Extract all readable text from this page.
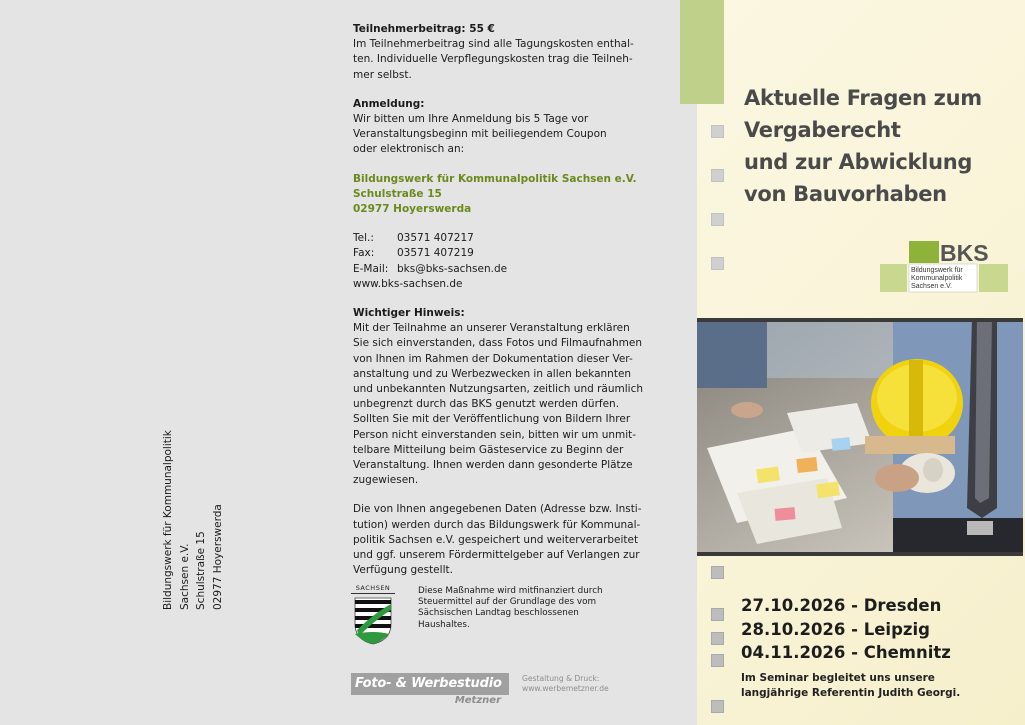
Bildungswerk für Kommunalpolitik Sachsen e.V. Schulstraße 15 02977 Hoyerswerda
Teilnehmerbeitrag: 55 €
Im Teilnehmerbeitrag sind alle Tagungskosten enthal-
ten. Individuelle Verpflegungskosten trag die Teilneh-
mer selbst.
Anmeldung:
Wir bitten um Ihre Anmeldung bis 5 Tage vor
Veranstaltungsbeginn mit beiliegendem Coupon
oder elektronisch an:
Bildungswerk für Kommunalpolitik Sachsen e.V.
Schulstraße 15
02977 Hoyerswerda
Tel.:	03571 407217
Fax:	03571 407219
E-Mail: bks@bks-sachsen.de
www.bks-sachsen.de
Wichtiger Hinweis:
Mit der Teilnahme an unserer Veranstaltung erklären
Sie sich einverstanden, dass Fotos und Filmaufnahmen
von Ihnen im Rahmen der Dokumentation dieser Ver-
anstaltung und zu Werbezwecken in allen bekannten
und unbekannten Nutzungsarten, zeitlich und räumlich
unbegrenzt durch das BKS genutzt werden dürfen.
Sollten Sie mit der Veröffentlichung von Bildern Ihrer
Person nicht einverstanden sein, bitten wir um unmit-
telbare Mitteilung beim Gästeservice zu Beginn der
Veranstaltung. Ihnen werden dann gesonderte Plätze
zugewiesen.
Die von Ihnen angegebenen Daten (Adresse bzw. Insti-
tution) werden durch das Bildungswerk für Kommunal-
politik Sachsen e.V. gespeichert und weiterverarbeitet
und ggf. unserem Fördermittelgeber auf Verlangen zur
Verfügung gestellt.
SACHSEN	Diese Maßnahme wird mitfinanziert durch
Steuermittel auf der Grundlage des vom
Sächsischen Landtag beschlossenen
Haushaltes.
Foto- & Werbestudio
Metzner
Gestaltung & Druck:
www.werbemetzner.de
Aktuelle Fragen zum
Vergaberecht
und zur Abwicklung
von Bauvorhaben
BKS
Bildungswerk für
Kommunalpolitik
Sachsen e.V.
27.10.2026 - Dresden
28.10.2026 - Leipzig
04.11.2026 - Chemnitz
Im Seminar begleitet uns unsere
langjährige Referentin Judith Georgi.
